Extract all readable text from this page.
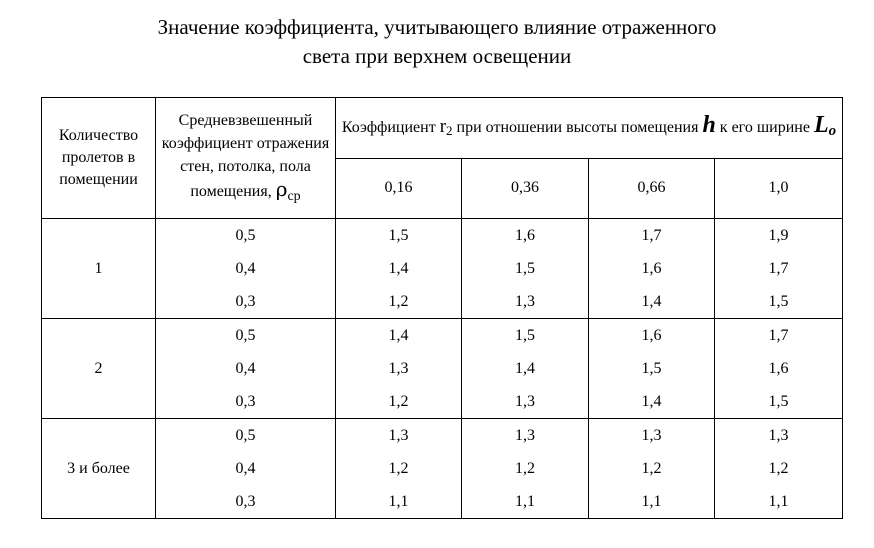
Значение коэффициента, учитывающего влияние отраженного
света при верхнем освещении
Количество пролетов в помещении	Средневзвешенный коэффициент отражения стен, потолка, пола помещения, ρср	Коэффициент $r_2$ при отношении высоты помещения h к его ширине Lo			
		0,16	0,36	0,66	1,0
1	0,5	1,5	1,6	1,7	1,9
	0,4	1,4	1,5	1,6	1,7
	0,3	1,2	1,3	1,4	1,5
2	0,5	1,4	1,5	1,6	1,7
	0,4	1,3	1,4	1,5	1,6
	0,3	1,2	1,3	1,4	1,5
3 и более	0,5	1,3	1,3	1,3	1,3
	0,4	1,2	1,2	1,2	1,2
	0,3	1,1	1,1	1,1	1,1
